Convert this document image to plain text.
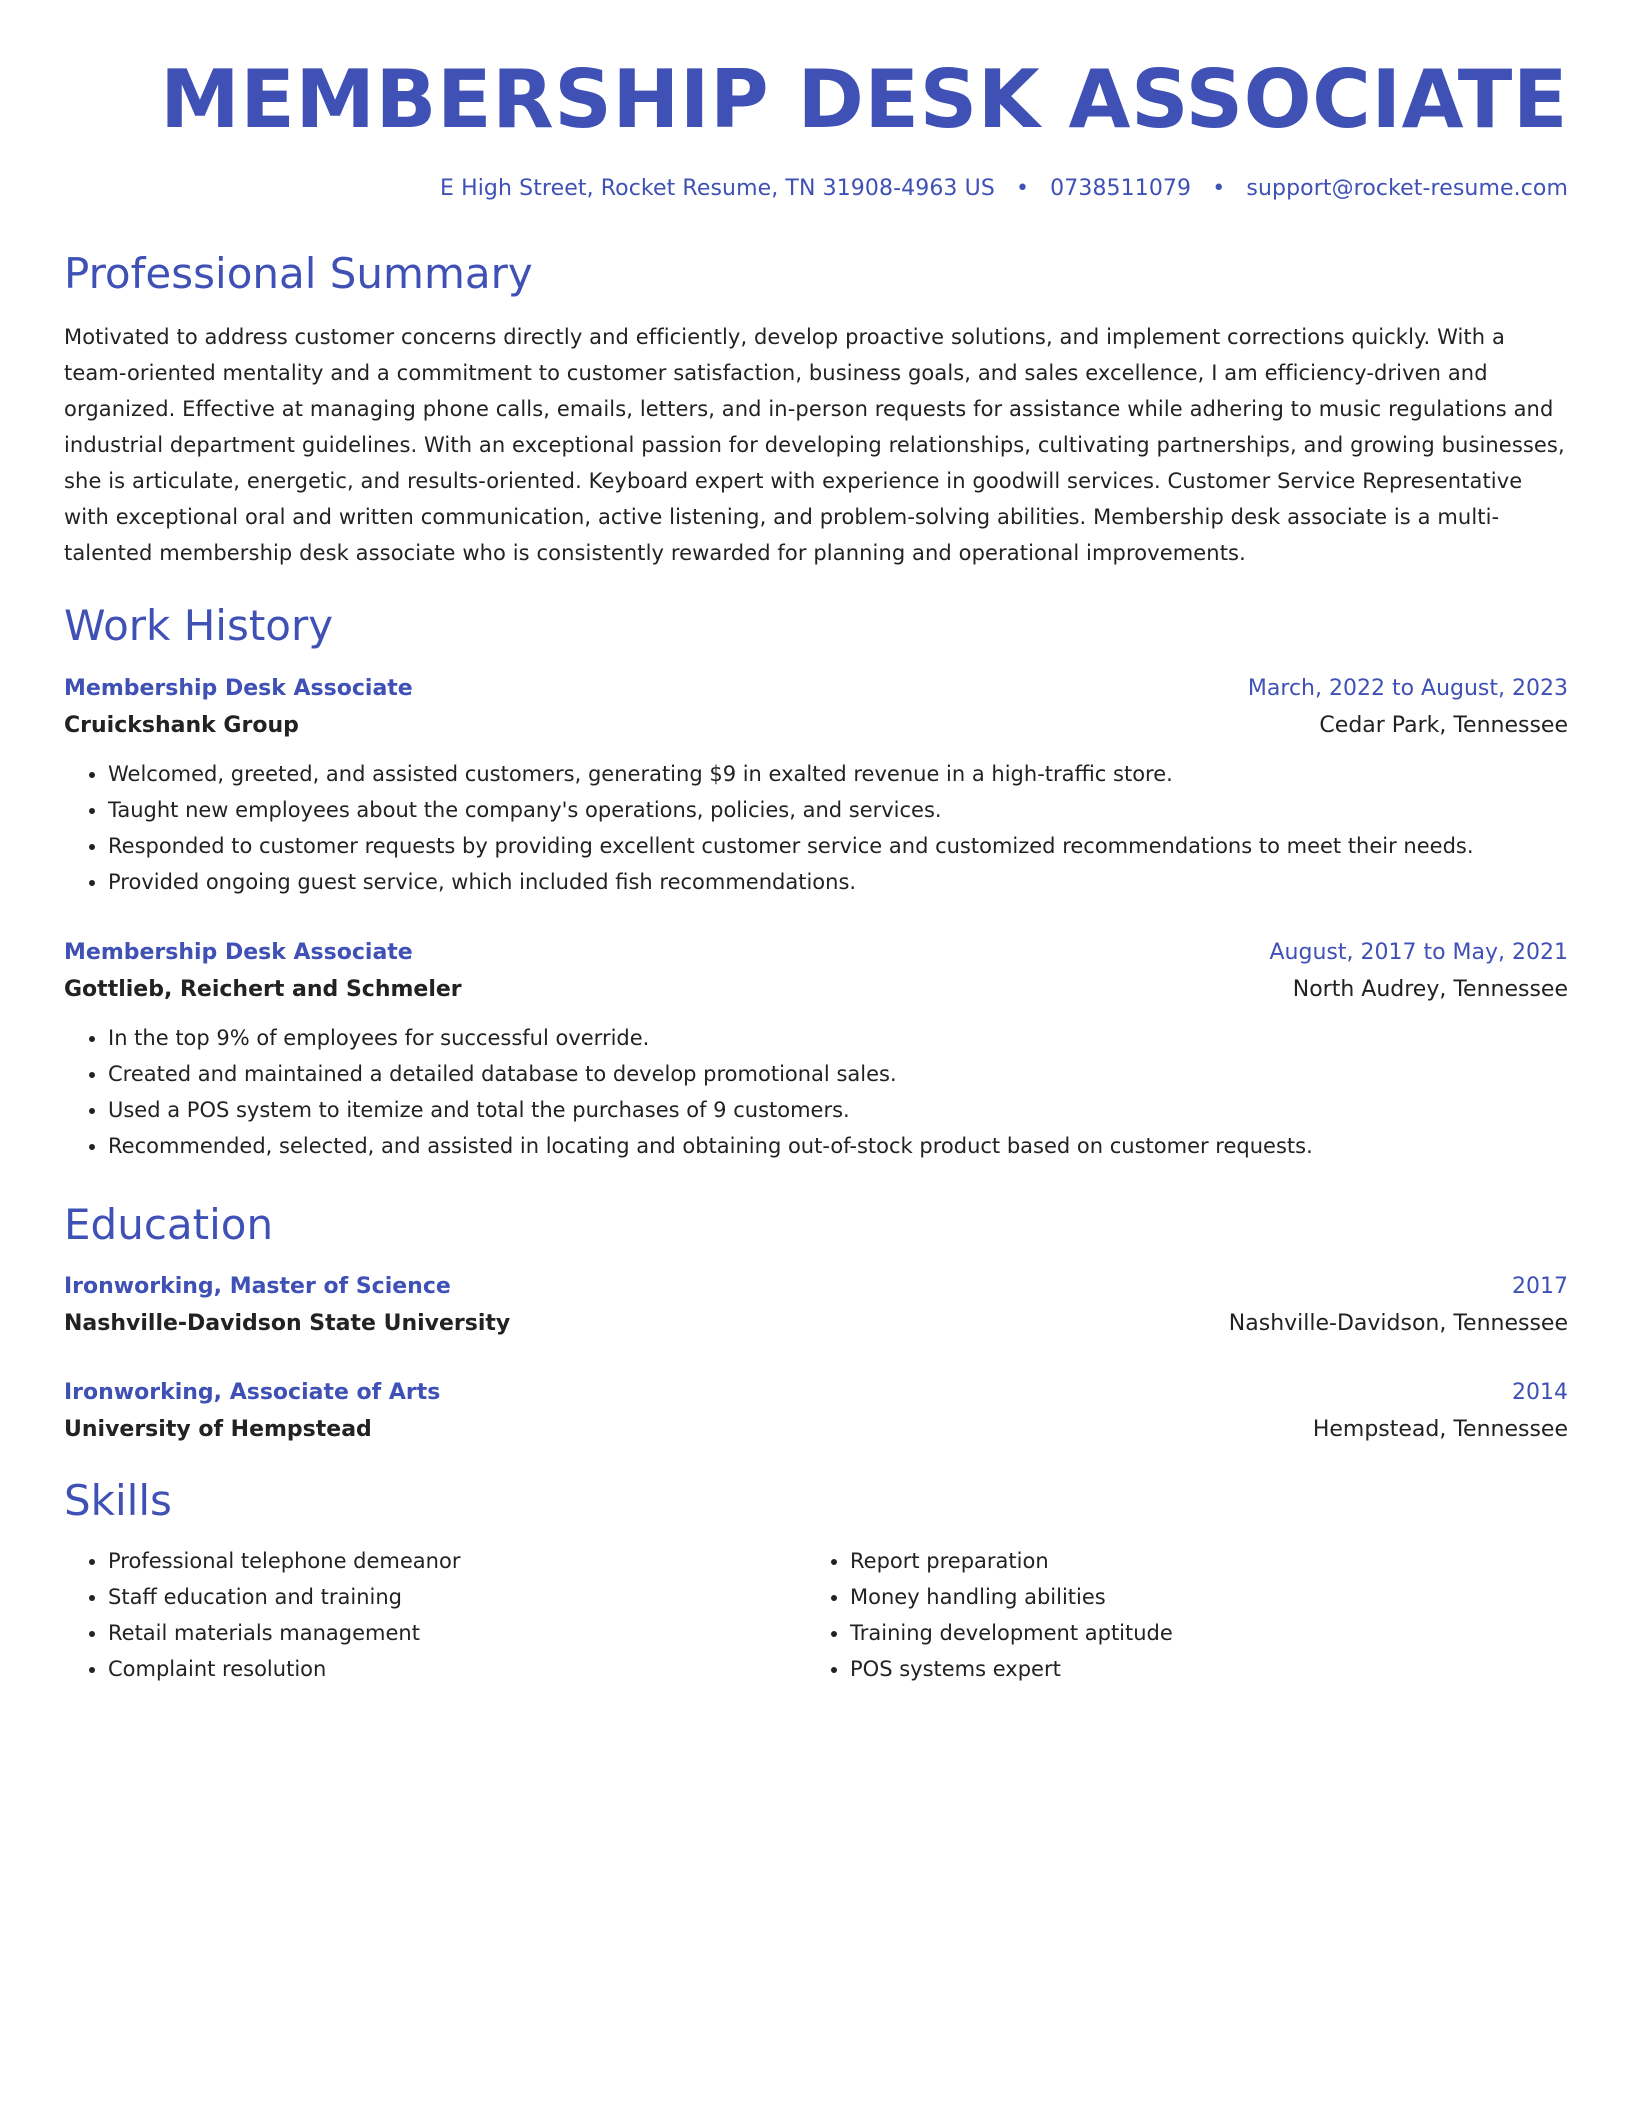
MEMBERSHIP DESK ASSOCIATE
E High Street, Rocket Resume, TN 31908-4963 US • 0738511079 • support@rocket-resume.com
Professional Summary
Motivated to address customer concerns directly and efficiently, develop proactive solutions, and implement corrections quickly. With a team-oriented mentality and a commitment to customer satisfaction, business goals, and sales excellence, I am efficiency-driven and organized. Effective at managing phone calls, emails, letters, and in-person requests for assistance while adhering to music regulations and industrial department guidelines. With an exceptional passion for developing relationships, cultivating partnerships, and growing businesses, she is articulate, energetic, and results-oriented. Keyboard expert with experience in goodwill services. Customer Service Representative with exceptional oral and written communication, active listening, and problem-solving abilities. Membership desk associate is a multi-talented membership desk associate who is consistently rewarded for planning and operational improvements.
Work History
Membership Desk Associate	March, 2022 to August, 2023
Cruickshank Group	Cedar Park, Tennessee
• Welcomed, greeted, and assisted customers, generating $9 in exalted revenue in a high-traffic store.
• Taught new employees about the company's operations, policies, and services.
• Responded to customer requests by providing excellent customer service and customized recommendations to meet their needs.
• Provided ongoing guest service, which included fish recommendations.
Membership Desk Associate	August, 2017 to May, 2021
Gottlieb, Reichert and Schmeler	North Audrey, Tennessee
• In the top 9% of employees for successful override.
• Created and maintained a detailed database to develop promotional sales.
• Used a POS system to itemize and total the purchases of 9 customers.
• Recommended, selected, and assisted in locating and obtaining out-of-stock product based on customer requests.
Education
Ironworking, Master of Science	2017
Nashville-Davidson State University	Nashville-Davidson, Tennessee
Ironworking, Associate of Arts	2014
University of Hempstead	Hempstead, Tennessee
Skills
• Professional telephone demeanor
• Staff education and training
• Retail materials management
• Complaint resolution
• Report preparation
• Money handling abilities
• Training development aptitude
• POS systems expert
